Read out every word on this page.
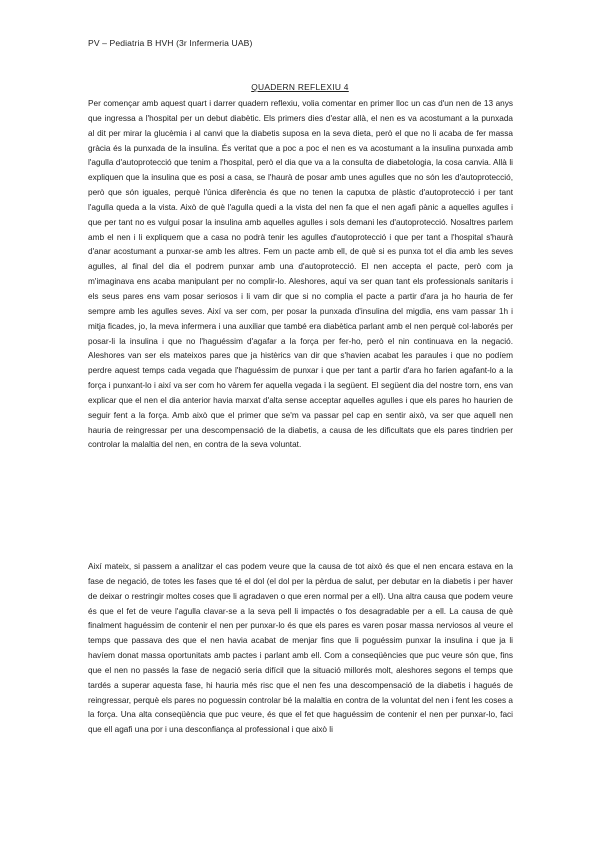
PV – Pediatria B HVH (3r Infermeria UAB)
QUADERN REFLEXIU 4

Per començar amb aquest quart i darrer quadern reflexiu, volia comentar en primer lloc un cas d'un nen de 13 anys que ingressa a l'hospital per un debut diabètic. Els primers dies d'estar allà, el nen es va acostumant a la punxada al dit per mirar la glucèmia i al canvi que la diabetis suposa en la seva dieta, però el que no li acaba de fer massa gràcia és la punxada de la insulina. És veritat que a poc a poc el nen es va acostumant a la insulina punxada amb l'agulla d'autoprotecció que tenim a l'hospital, però el dia que va a la consulta de diabetologia, la cosa canvia. Allà li expliquen que la insulina que es posi a casa, se l'haurà de posar amb unes agulles que no són les d'autoprotecció, però que són iguales, perquè l'única diferència és que no tenen la caputxa de plàstic d'autoprotecció i per tant l'agulla queda a la vista. Això de què l'agulla quedi a la vista del nen fa que el nen agafi pànic a aquelles agulles i que per tant no es vulgui posar la insulina amb aquelles agulles i sols demani les d'autoprotecció. Nosaltres parlem amb el nen i li expliquem que a casa no podrà tenir les agulles d'autoprotecció i que per tant a l'hospital s'haurà d'anar acostumant a punxar-se amb les altres. Fem un pacte amb ell, de què si es punxa tot el dia amb les seves agulles, al final del dia el podrem punxar amb una d'autoprotecció. El nen accepta el pacte, però com ja m'imaginava ens acaba manipulant per no complir-lo. Aleshores, aquí va ser quan tant els professionals sanitaris i els seus pares ens vam posar seriosos i li vam dir que si no complia el pacte a partir d'ara ja ho hauria de fer sempre amb les agulles seves. Així va ser com, per posar la punxada d'insulina del migdia, ens vam passar 1h i mitja ficades, jo, la meva infermera i una auxiliar que també era diabètica parlant amb el nen perquè col·laborés per posar-li la insulina i que no l'haguéssim d'agafar a la força per fer-ho, però el nin continuava en la negació. Aleshores van ser els mateixos pares que ja histèrics van dir que s'havien acabat les paraules i que no podíem perdre aquest temps cada vegada que l'haguéssim de punxar i que per tant a partir d'ara ho farien agafant-lo a la força i punxant-lo i així va ser com ho vàrem fer aquella vegada i la següent. El següent dia del nostre torn, ens van explicar que el nen el dia anterior havia marxat d'alta sense acceptar aquelles agulles i que els pares ho haurien de seguir fent a la força. Amb això que el primer que se'm va passar pel cap en sentir això, va ser que aquell nen hauria de reingressar per una descompensació de la diabetis, a causa de les dificultats que els pares tindrien per controlar la malaltia del nen, en contra de la seva voluntat.

Així mateix, si passem a analitzar el cas podem veure que la causa de tot això és que el nen encara estava en la fase de negació, de totes les fases que té el dol (el dol per la pèrdua de salut, per debutar en la diabetis i per haver de deixar o restringir moltes coses que li agradaven o que eren normal per a ell). Una altra causa que podem veure és que el fet de veure l'agulla clavar-se a la seva pell li impactés o fos desagradable per a ell. La causa de què finalment haguéssim de contenir el nen per punxar-lo és que els pares es varen posar massa nerviosos al veure el temps que passava des que el nen havia acabat de menjar fins que li poguéssim punxar la insulina i que ja li havíem donat massa oportunitats amb pactes i parlant amb ell. Com a conseqüències que puc veure són que, fins que el nen no passés la fase de negació seria difícil que la situació millorés molt, aleshores segons el temps que tardés a superar aquesta fase, hi hauria més risc que el nen fes una descompensació de la diabetis i hagués de reingressar, perquè els pares no poguessin controlar bé la malaltia en contra de la voluntat del nen i fent les coses a la força. Una alta conseqüència que puc veure, és que el fet que haguéssim de contenir el nen per punxar-lo, faci que ell agafi una por i una desconfiança al professional i que això li
